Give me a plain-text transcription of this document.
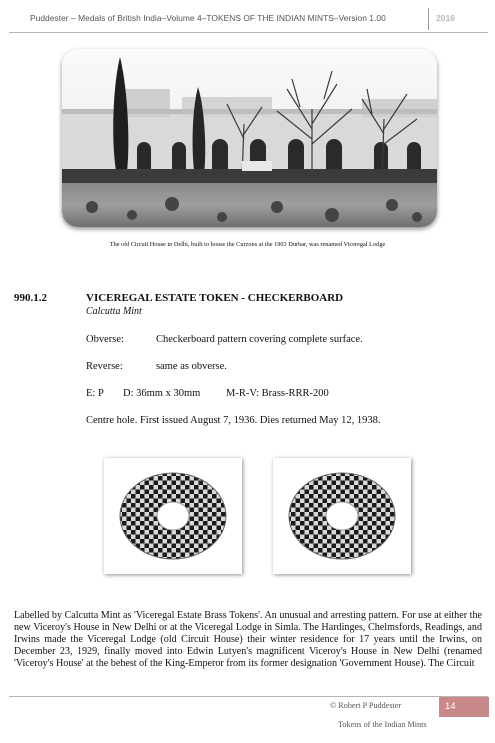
Puddester – Medals of British India–Volume 4–TOKENS OF THE INDIAN MINTS–Version 1.00	2016
The old Circuit House in Delhi, built to house the Curzons at the 1903 Durbar, was renamed Viceregal Lodge
990.1.2	VICEREGAL ESTATE TOKEN - CHECKERBOARD
Calcutta Mint
Obverse:	Checkerboard pattern covering complete surface.
Reverse:	same as obverse.
E: P D: 36mm x 30mm M-R-V: Brass-RRR-200
Centre hole. First issued August 7, 1936. Dies returned May 12, 1938.
Labelled by Calcutta Mint as 'Viceregal Estate Brass Tokens'. An unusual and arresting pattern. For use at either the new Viceroy's House in New Delhi or at the Viceregal Lodge in Simla. The Hardinges, Chelmsfords, Readings, and Irwins made the Viceregal Lodge (old Circuit House) their winter residence for 17 years until the Irwins, on December 23, 1929, finally moved into Edwin Lutyen's magnificent Viceroy's House in New Delhi (renamed 'Viceroy's House' at the behest of the King-Emperor from its former designation 'Government House). The Circuit
© Robert P Puddester	14
Tokens of the Indian Mints
